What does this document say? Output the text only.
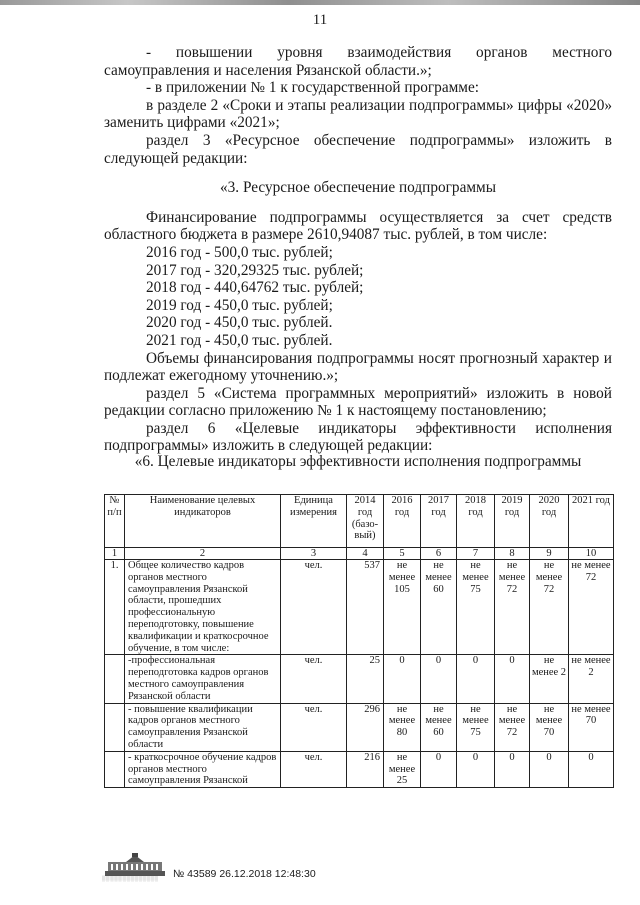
11

- повышении уровня взаимодействия органов местного самоуправления и населения Рязанской области.»;

- в приложении № 1 к государственной программе:

в разделе 2 «Сроки и этапы реализации подпрограммы» цифры «2020» заменить цифрами «2021»;

раздел 3 «Ресурсное обеспечение подпрограммы» изложить в следующей редакции:

«3. Ресурсное обеспечение подпрограммы

Финансирование подпрограммы осуществляется за счет средств областного бюджета в размере 2610,94087 тыс. рублей, в том числе:

2016 год - 500,0 тыс. рублей;

2017 год - 320,29325 тыс. рублей;

2018 год - 440,64762 тыс. рублей;

2019 год - 450,0 тыс. рублей;

2020 год - 450,0 тыс. рублей.

2021 год - 450,0 тыс. рублей.

Объемы финансирования подпрограммы носят прогнозный характер и подлежат ежегодному уточнению.»;

раздел 5 «Система программных мероприятий» изложить в новой редакции согласно приложению № 1 к настоящему постановлению;

раздел 6 «Целевые индикаторы эффективности исполнения подпрограммы» изложить в следующей редакции:

«6. Целевые индикаторы эффективности исполнения подпрограммы
№ п/п	Наименование целевых индикаторов	Единица измерения	2014 год (базо-вый)	2016 год	2017 год	2018 год	2019 год	2020 год	2021 год
1	2	3	4	5	6	7	8	9	10
1.	Общее количество кадров органов местного самоуправления Рязанской области, прошедших профессиональную переподготовку, повышение квалификации и краткосрочное обучение, в том числе:	чел.	537	не менее 105	не менее 60	не менее 75	не менее 72	не менее 72	не менее 72
	-профессиональная переподготовка кадров органов местного самоуправления Рязанской области	чел.	25	0	0	0	0	не менее 2	не менее 2
	- повышение квалификации кадров органов местного самоуправления Рязанской области	чел.	296	не менее 80	не менее 60	не менее 75	не менее 72	не менее 70	не менее 70
	- краткосрочное обучение кадров органов местного самоуправления Рязанской	чел.	216	не менее 25	0	0	0	0	0
░░░░░░░░░░░░░░ № 43589 26.12.2018 12:48:30
